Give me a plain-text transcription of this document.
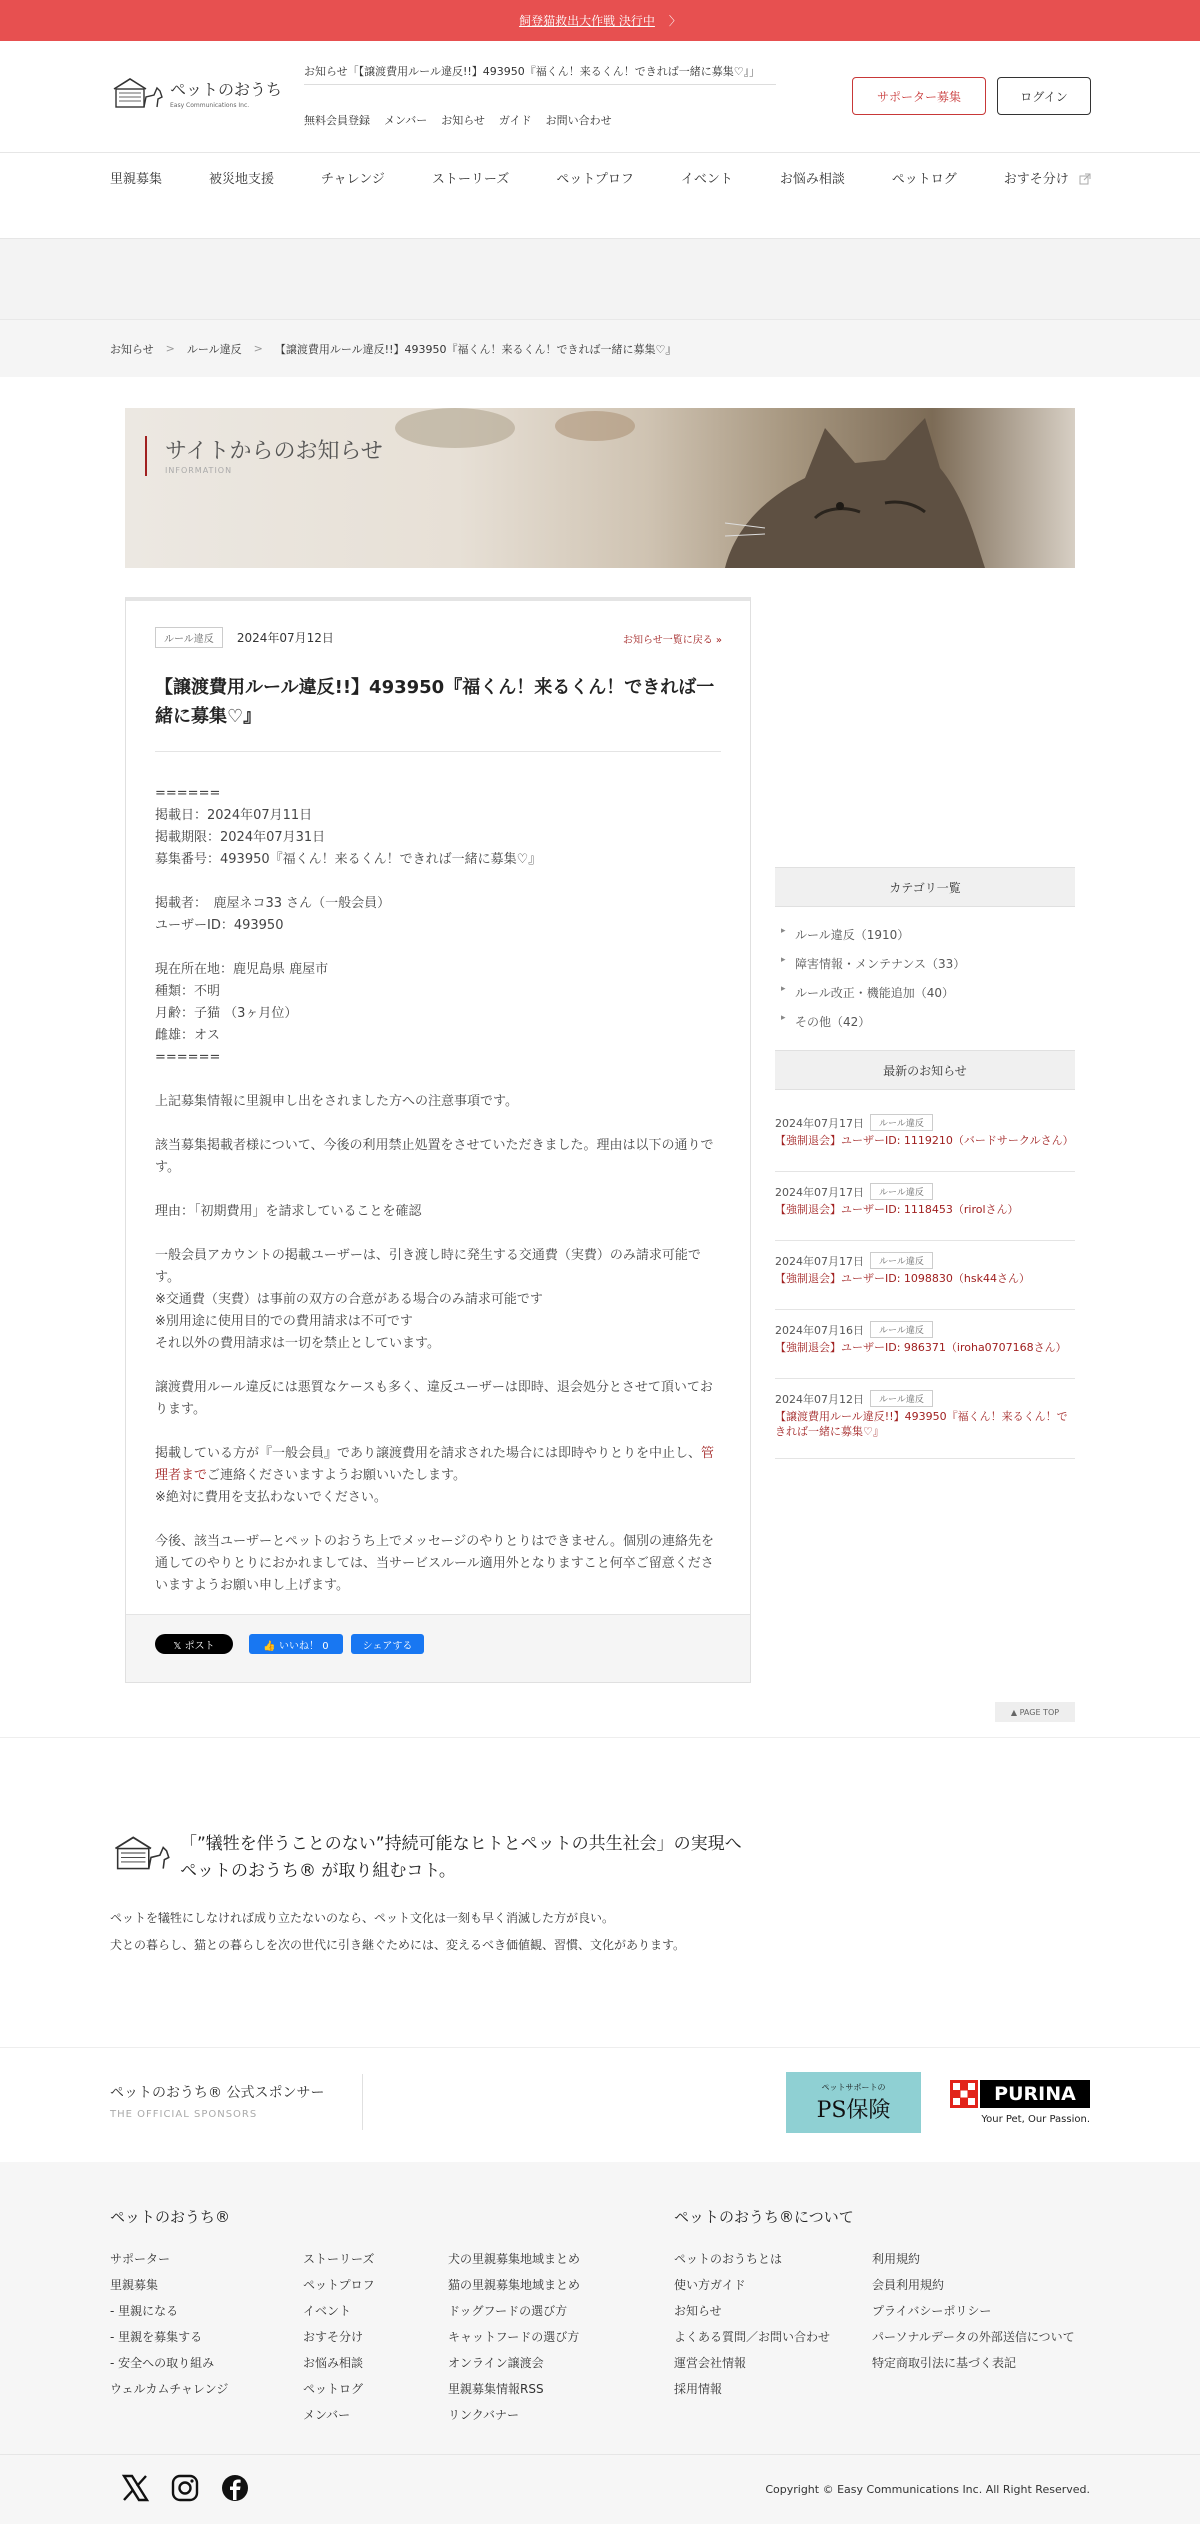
飼登猫救出大作戦 決行中 〉
ペットのおうち
Easy Communications Inc.
お知らせ「【譲渡費用ルール違反!!】493950『福くん！来るくん！できれば一緒に募集♡』」
無料会員登録 メンバー お知らせ ガイド お問い合わせ
サポーター募集	ログイン
里親募集	被災地支援	チャレンジ	ストーリーズ	ペットプロフ	イベント	お悩み相談	ペットログ	おすそ分け
お知らせ > ルール違反 > 【譲渡費用ルール違反!!】493950『福くん！来るくん！できれば一緒に募集♡』
サイトからのお知らせ
INFORMATION
ルール違反	2024年07月12日	お知らせ一覧に戻る »
【譲渡費用ルール違反!!】493950『福くん！来るくん！できれば一緒に募集♡』

======
掲載日：2024年07月11日
掲載期限：2024年07月31日
募集番号：493950『福くん！来るくん！できれば一緒に募集♡』

掲載者：　鹿屋ネコ33 さん（一般会員）
ユーザーID：493950

現在所在地：鹿児島県 鹿屋市
種類：不明
月齢：子猫 （3ヶ月位）
雌雄：オス
======

上記募集情報に里親申し出をされました方への注意事項です。

該当募集掲載者様について、今後の利用禁止処置をさせていただきました。理由は以下の通りです。

理由：「初期費用」を請求していることを確認

一般会員アカウントの掲載ユーザーは、引き渡し時に発生する交通費（実費）のみ請求可能です。
※交通費（実費）は事前の双方の合意がある場合のみ請求可能です
※別用途に使用目的での費用請求は不可です
それ以外の費用請求は一切を禁止としています。

譲渡費用ルール違反には悪質なケースも多く、違反ユーザーは即時、退会処分とさせて頂いております。

掲載している方が『一般会員』であり譲渡費用を請求された場合には即時やりとりを中止し、管理者までご連絡くださいますようお願いいたします。
※絶対に費用を支払わないでください。

今後、該当ユーザーとペットのおうち上でメッセージのやりとりはできません。個別の連絡先を通してのやりとりにおかれましては、当サービスルール適用外となりますこと何卒ご留意くださいますようお願い申し上げます。

𝕏 ポスト	👍 いいね！ 0	シェアする
カテゴリ一覧
▸ ルール違反（1910）
▸ 障害情報・メンテナンス（33）
▸ ルール改正・機能追加（40）
▸ その他（42）
最新のお知らせ
2024年07月17日	ルール違反
【強制退会】ユーザーID: 1119210（バードサークルさん）
2024年07月17日	ルール違反
【強制退会】ユーザーID: 1118453（rirolさん）
2024年07月17日	ルール違反
【強制退会】ユーザーID: 1098830（hsk44さん）
2024年07月16日	ルール違反
【強制退会】ユーザーID: 986371（iroha0707168さん）
2024年07月12日	ルール違反
【譲渡費用ルール違反!!】493950『福くん！来るくん！できれば一緒に募集♡』
▲ PAGE TOP
「”犠牲を伴うことのない”持続可能なヒトとペットの共生社会」の実現へ
ペットのおうち® が取り組むコト。
ペットを犠牲にしなければ成り立たないのなら、ペット文化は一刻も早く消滅した方が良い。
犬との暮らし、猫との暮らしを次の世代に引き継ぐためには、変えるべき価値観、習慣、文化があります。
ペットのおうち® 公式スポンサー
THE OFFICIAL SPONSORS
ペットサポートの
PS保険
PURINA
Your Pet, Our Passion.
ペットのおうち®
サポーター
里親募集
- 里親になる
- 里親を募集する
- 安全への取り組み
ウェルカムチャレンジ
ストーリーズ
ペットプロフ
イベント
おすそ分け
お悩み相談
ペットログ
メンバー
犬の里親募集地域まとめ
猫の里親募集地域まとめ
ドッグフードの選び方
キャットフードの選び方
オンライン譲渡会
里親募集情報RSS
リンクバナー
ペットのおうち®について
ペットのおうちとは
使い方ガイド
お知らせ
よくある質問／お問い合わせ
運営会社情報
採用情報
利用規約
会員利用規約
プライバシーポリシー
パーソナルデータの外部送信について
特定商取引法に基づく表記
Copyright © Easy Communications Inc. All Right Reserved.
